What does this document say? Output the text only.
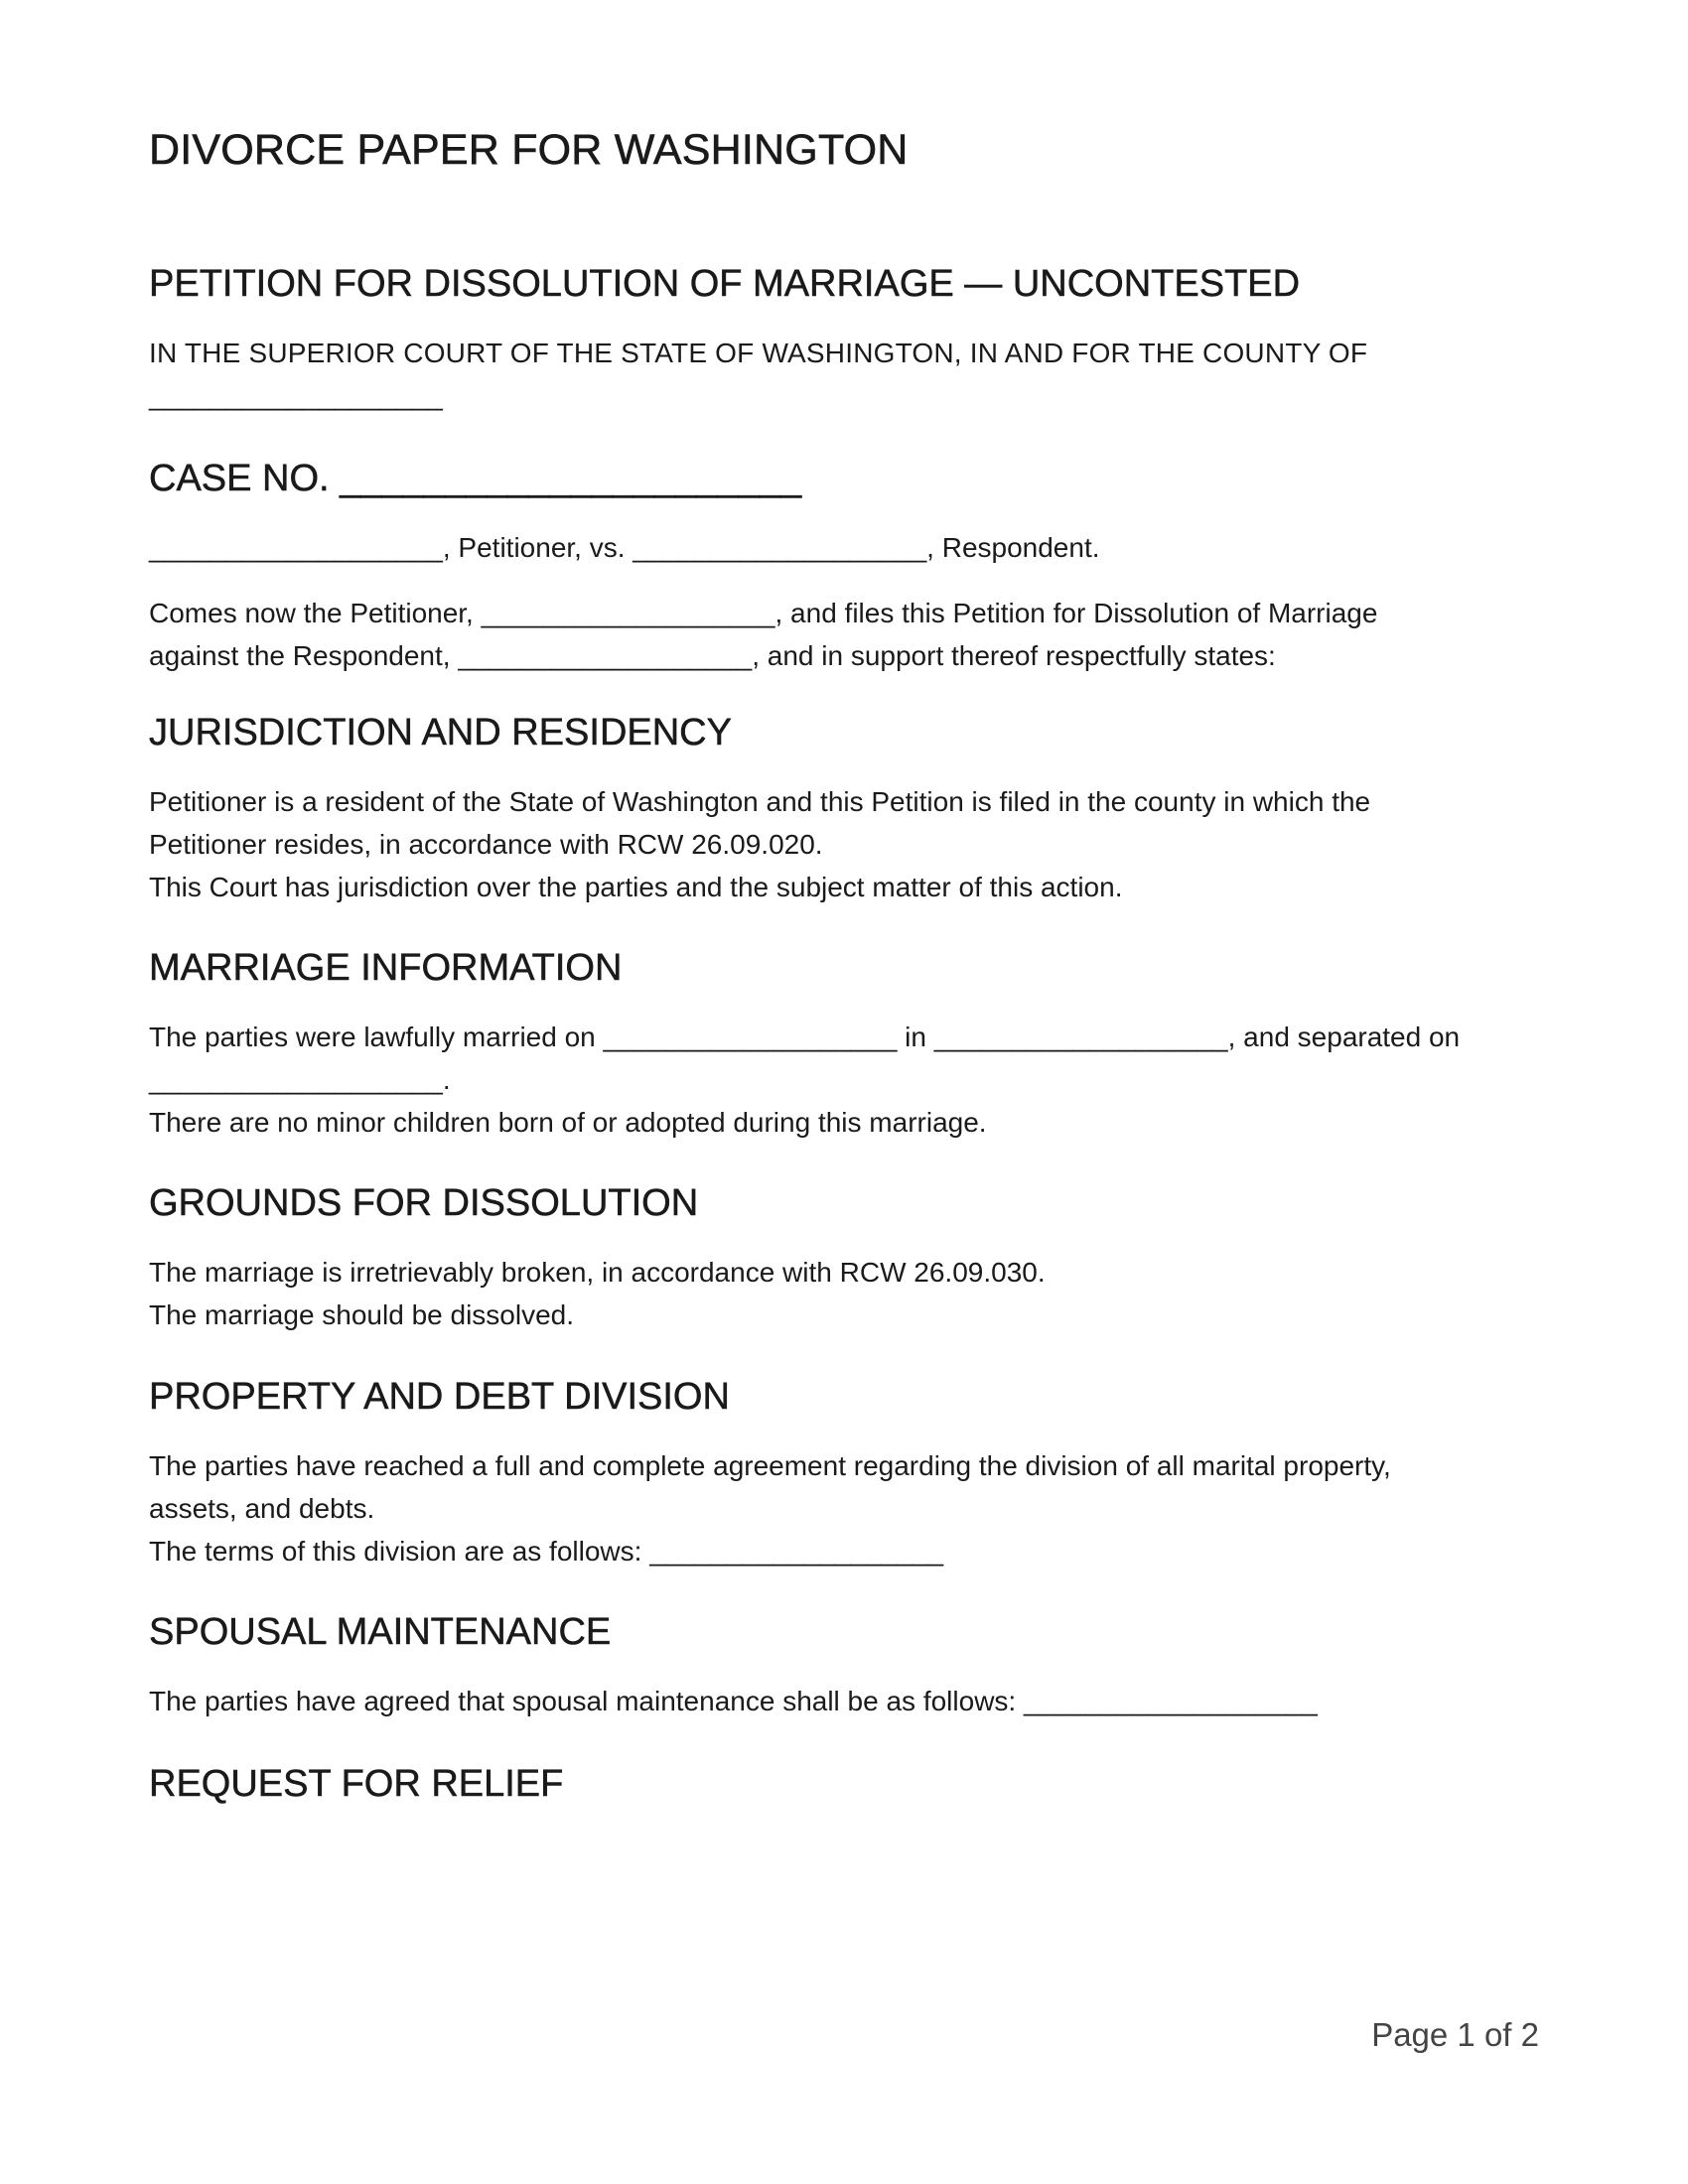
DIVORCE PAPER FOR WASHINGTON
PETITION FOR DISSOLUTION OF MARRIAGE — UNCONTESTED

IN THE SUPERIOR COURT OF THE STATE OF WASHINGTON, IN AND FOR THE COUNTY OF

___________________

CASE NO. ______________________

___________________, Petitioner, vs. ___________________, Respondent.

Comes now the Petitioner, ___________________, and files this Petition for Dissolution of Marriage

against the Respondent, ___________________, and in support thereof respectfully states:

JURISDICTION AND RESIDENCY

Petitioner is a resident of the State of Washington and this Petition is filed in the county in which the

Petitioner resides, in accordance with RCW 26.09.020.

This Court has jurisdiction over the parties and the subject matter of this action.

MARRIAGE INFORMATION

The parties were lawfully married on ___________________ in ___________________, and separated on

___________________.

There are no minor children born of or adopted during this marriage.

GROUNDS FOR DISSOLUTION

The marriage is irretrievably broken, in accordance with RCW 26.09.030.

The marriage should be dissolved.

PROPERTY AND DEBT DIVISION

The parties have reached a full and complete agreement regarding the division of all marital property,

assets, and debts.

The terms of this division are as follows: ___________________

SPOUSAL MAINTENANCE

The parties have agreed that spousal maintenance shall be as follows: ___________________

REQUEST FOR RELIEF
Page 1 of 2
